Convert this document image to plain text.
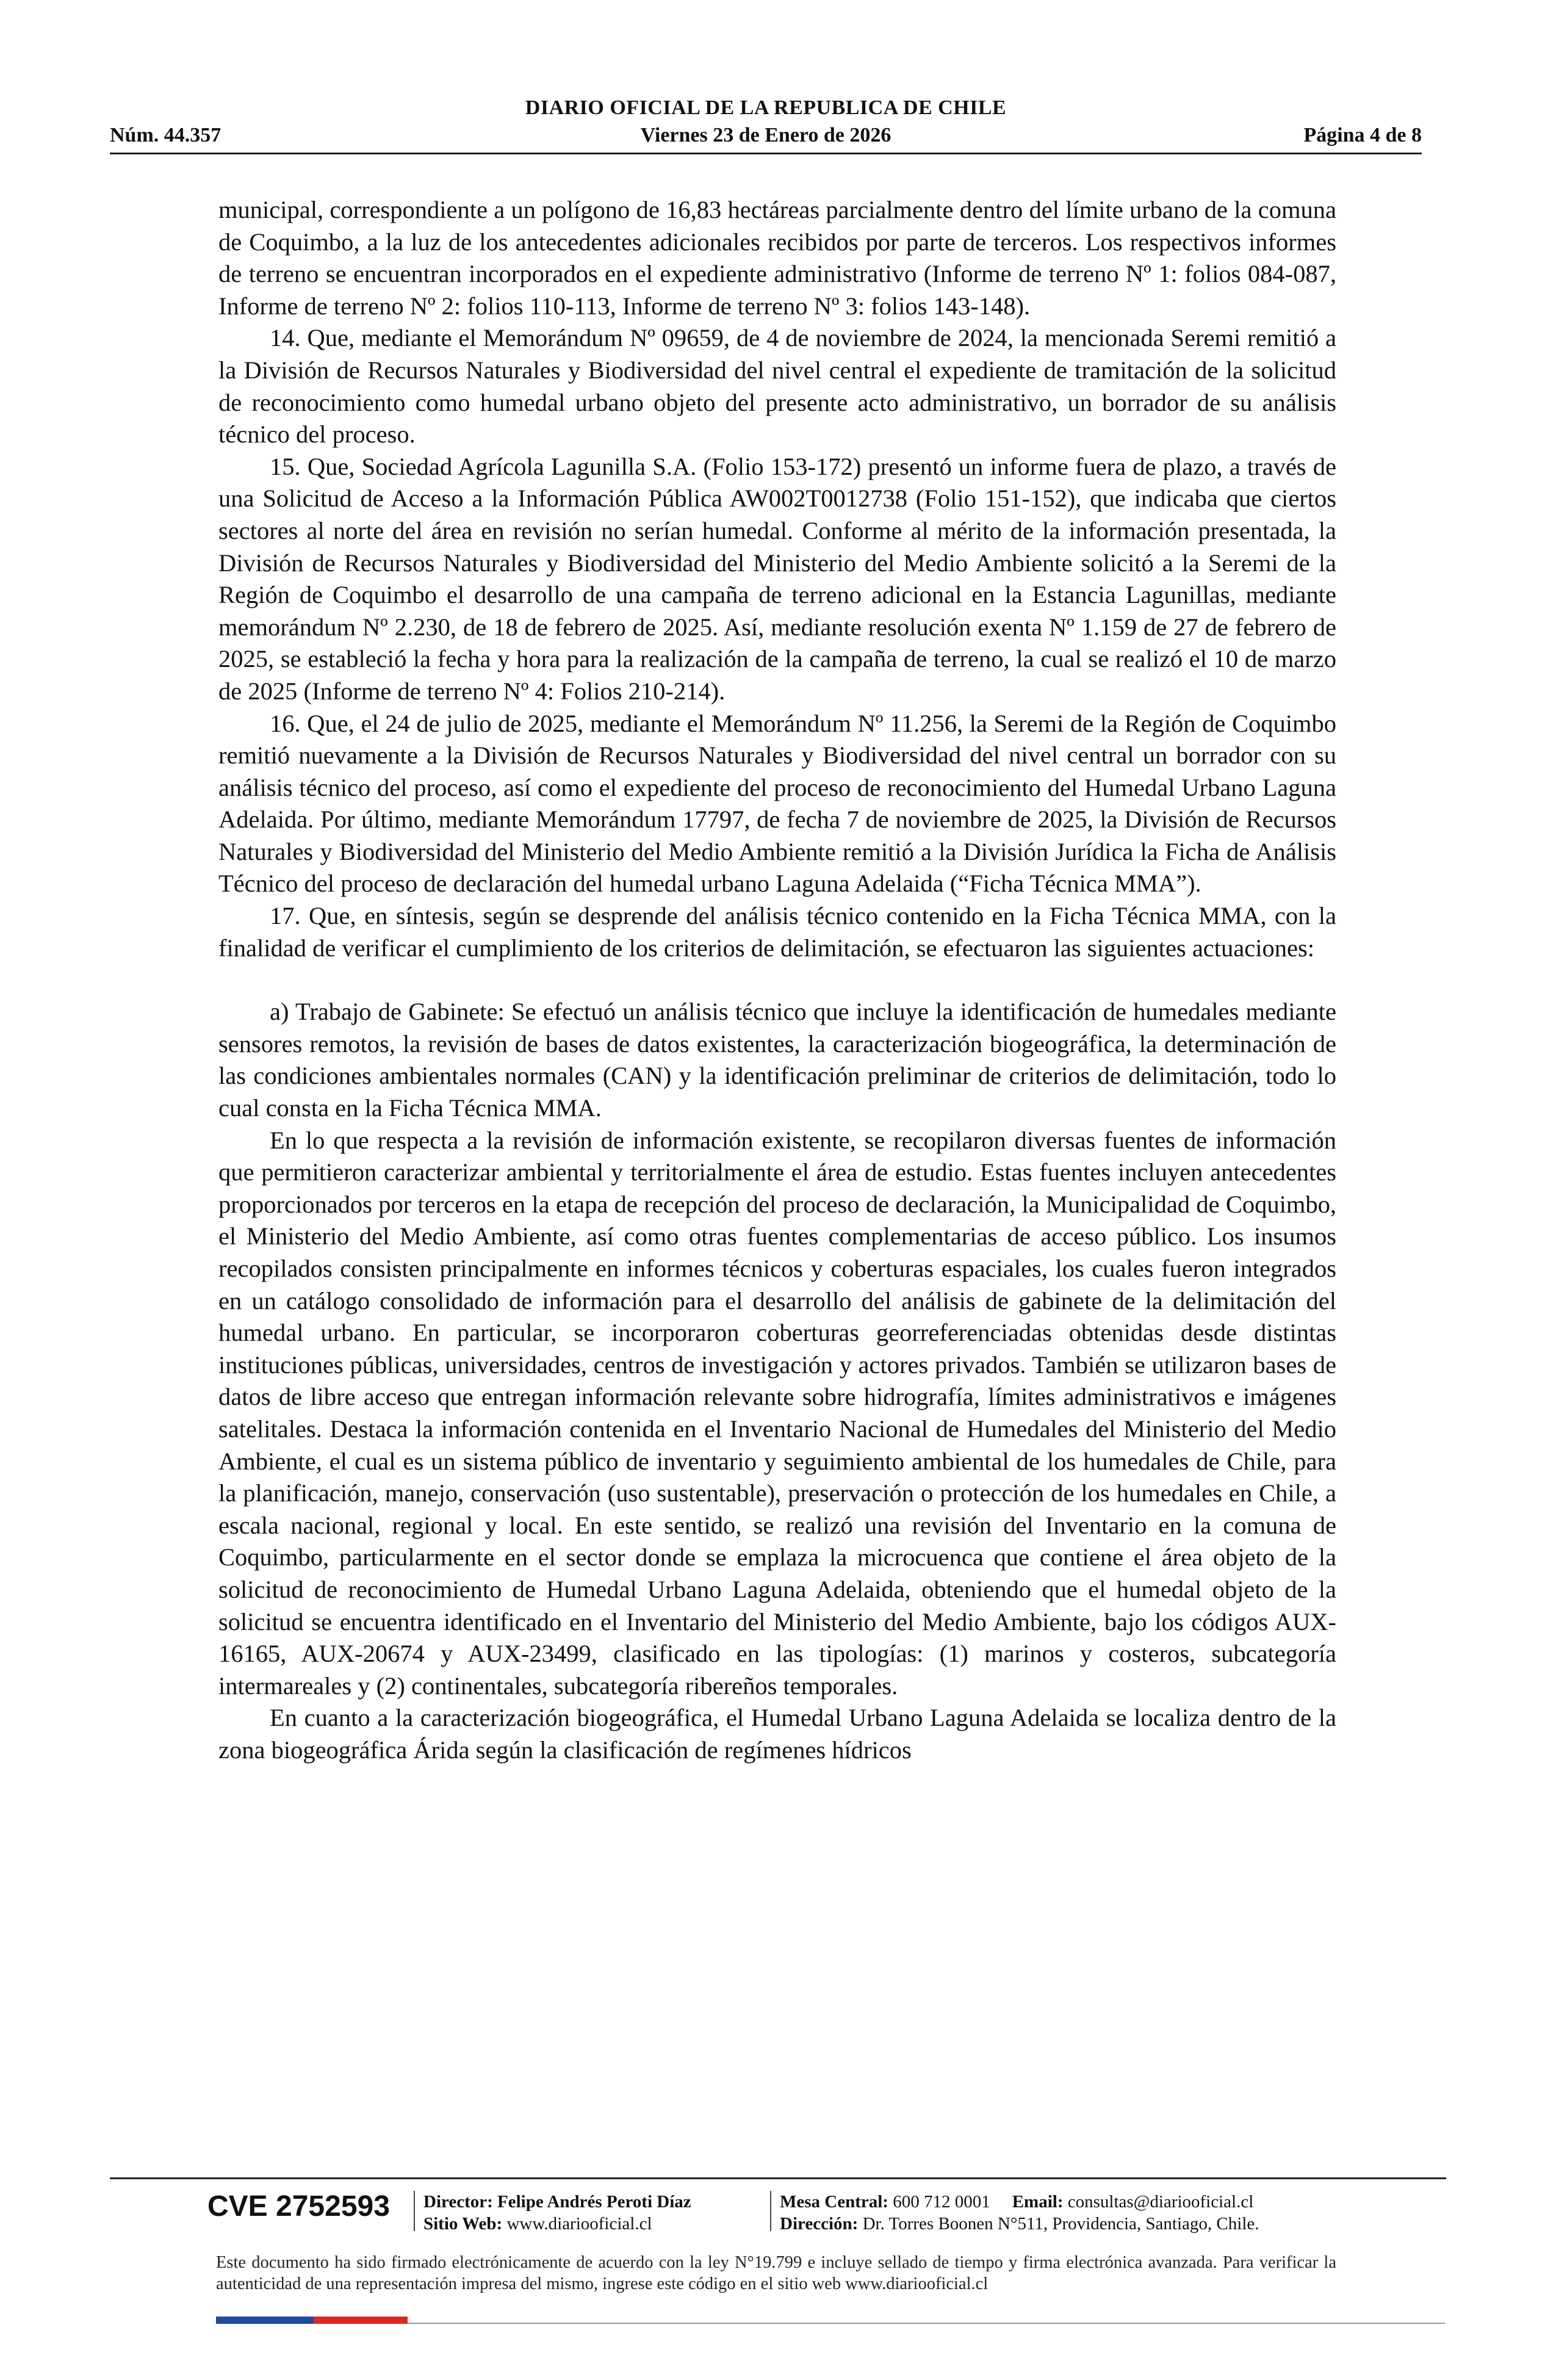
DIARIO OFICIAL DE LA REPUBLICA DE CHILE
Núm. 44.357	Viernes 23 de Enero de 2026	Página 4 de 8

municipal, correspondiente a un polígono de 16,83 hectáreas parcialmente dentro del límite urbano de la comuna de Coquimbo, a la luz de los antecedentes adicionales recibidos por parte de terceros. Los respectivos informes de terreno se encuentran incorporados en el expediente administrativo (Informe de terreno Nº 1: folios 084-087, Informe de terreno Nº 2: folios 110-113, Informe de terreno Nº 3: folios 143-148).

14. Que, mediante el Memorándum Nº 09659, de 4 de noviembre de 2024, la mencionada Seremi remitió a la División de Recursos Naturales y Biodiversidad del nivel central el expediente de tramitación de la solicitud de reconocimiento como humedal urbano objeto del presente acto administrativo, un borrador de su análisis técnico del proceso.

15. Que, Sociedad Agrícola Lagunilla S.A. (Folio 153-172) presentó un informe fuera de plazo, a través de una Solicitud de Acceso a la Información Pública AW002T0012738 (Folio 151-152), que indicaba que ciertos sectores al norte del área en revisión no serían humedal. Conforme al mérito de la información presentada, la División de Recursos Naturales y Biodiversidad del Ministerio del Medio Ambiente solicitó a la Seremi de la Región de Coquimbo el desarrollo de una campaña de terreno adicional en la Estancia Lagunillas, mediante memorándum Nº 2.230, de 18 de febrero de 2025. Así, mediante resolución exenta Nº 1.159 de 27 de febrero de 2025, se estableció la fecha y hora para la realización de la campaña de terreno, la cual se realizó el 10 de marzo de 2025 (Informe de terreno Nº 4: Folios 210-214).

16. Que, el 24 de julio de 2025, mediante el Memorándum Nº 11.256, la Seremi de la Región de Coquimbo remitió nuevamente a la División de Recursos Naturales y Biodiversidad del nivel central un borrador con su análisis técnico del proceso, así como el expediente del proceso de reconocimiento del Humedal Urbano Laguna Adelaida. Por último, mediante Memorándum 17797, de fecha 7 de noviembre de 2025, la División de Recursos Naturales y Biodiversidad del Ministerio del Medio Ambiente remitió a la División Jurídica la Ficha de Análisis Técnico del proceso de declaración del humedal urbano Laguna Adelaida (“Ficha Técnica MMA”).

17. Que, en síntesis, según se desprende del análisis técnico contenido en la Ficha Técnica MMA, con la finalidad de verificar el cumplimiento de los criterios de delimitación, se efectuaron las siguientes actuaciones:

a) Trabajo de Gabinete: Se efectuó un análisis técnico que incluye la identificación de humedales mediante sensores remotos, la revisión de bases de datos existentes, la caracterización biogeográfica, la determinación de las condiciones ambientales normales (CAN) y la identificación preliminar de criterios de delimitación, todo lo cual consta en la Ficha Técnica MMA.

En lo que respecta a la revisión de información existente, se recopilaron diversas fuentes de información que permitieron caracterizar ambiental y territorialmente el área de estudio. Estas fuentes incluyen antecedentes proporcionados por terceros en la etapa de recepción del proceso de declaración, la Municipalidad de Coquimbo, el Ministerio del Medio Ambiente, así como otras fuentes complementarias de acceso público. Los insumos recopilados consisten principalmente en informes técnicos y coberturas espaciales, los cuales fueron integrados en un catálogo consolidado de información para el desarrollo del análisis de gabinete de la delimitación del humedal urbano. En particular, se incorporaron coberturas georreferenciadas obtenidas desde distintas instituciones públicas, universidades, centros de investigación y actores privados. También se utilizaron bases de datos de libre acceso que entregan información relevante sobre hidrografía, límites administrativos e imágenes satelitales. Destaca la información contenida en el Inventario Nacional de Humedales del Ministerio del Medio Ambiente, el cual es un sistema público de inventario y seguimiento ambiental de los humedales de Chile, para la planificación, manejo, conservación (uso sustentable), preservación o protección de los humedales en Chile, a escala nacional, regional y local. En este sentido, se realizó una revisión del Inventario en la comuna de Coquimbo, particularmente en el sector donde se emplaza la microcuenca que contiene el área objeto de la solicitud de reconocimiento de Humedal Urbano Laguna Adelaida, obteniendo que el humedal objeto de la solicitud se encuentra identificado en el Inventario del Ministerio del Medio Ambiente, bajo los códigos AUX-16165, AUX-20674 y AUX-23499, clasificado en las tipologías: (1) marinos y costeros, subcategoría intermareales y (2) continentales, subcategoría ribereños temporales.

En cuanto a la caracterización biogeográfica, el Humedal Urbano Laguna Adelaida se localiza dentro de la zona biogeográfica Árida según la clasificación de regímenes hídricos

CVE 2752593 Director: Felipe Andrés Peroti Díaz
Sitio Web: www.diariooficial.cl
Mesa Central: 600 712 0001 Email: consultas@diariooficial.cl
Dirección: Dr. Torres Boonen N°511, Providencia, Santiago, Chile.
Este documento ha sido firmado electrónicamente de acuerdo con la ley N°19.799 e incluye sellado de tiempo y firma electrónica avanzada. Para verificar la autenticidad de una representación impresa del mismo, ingrese este código en el sitio web www.diariooficial.cl
